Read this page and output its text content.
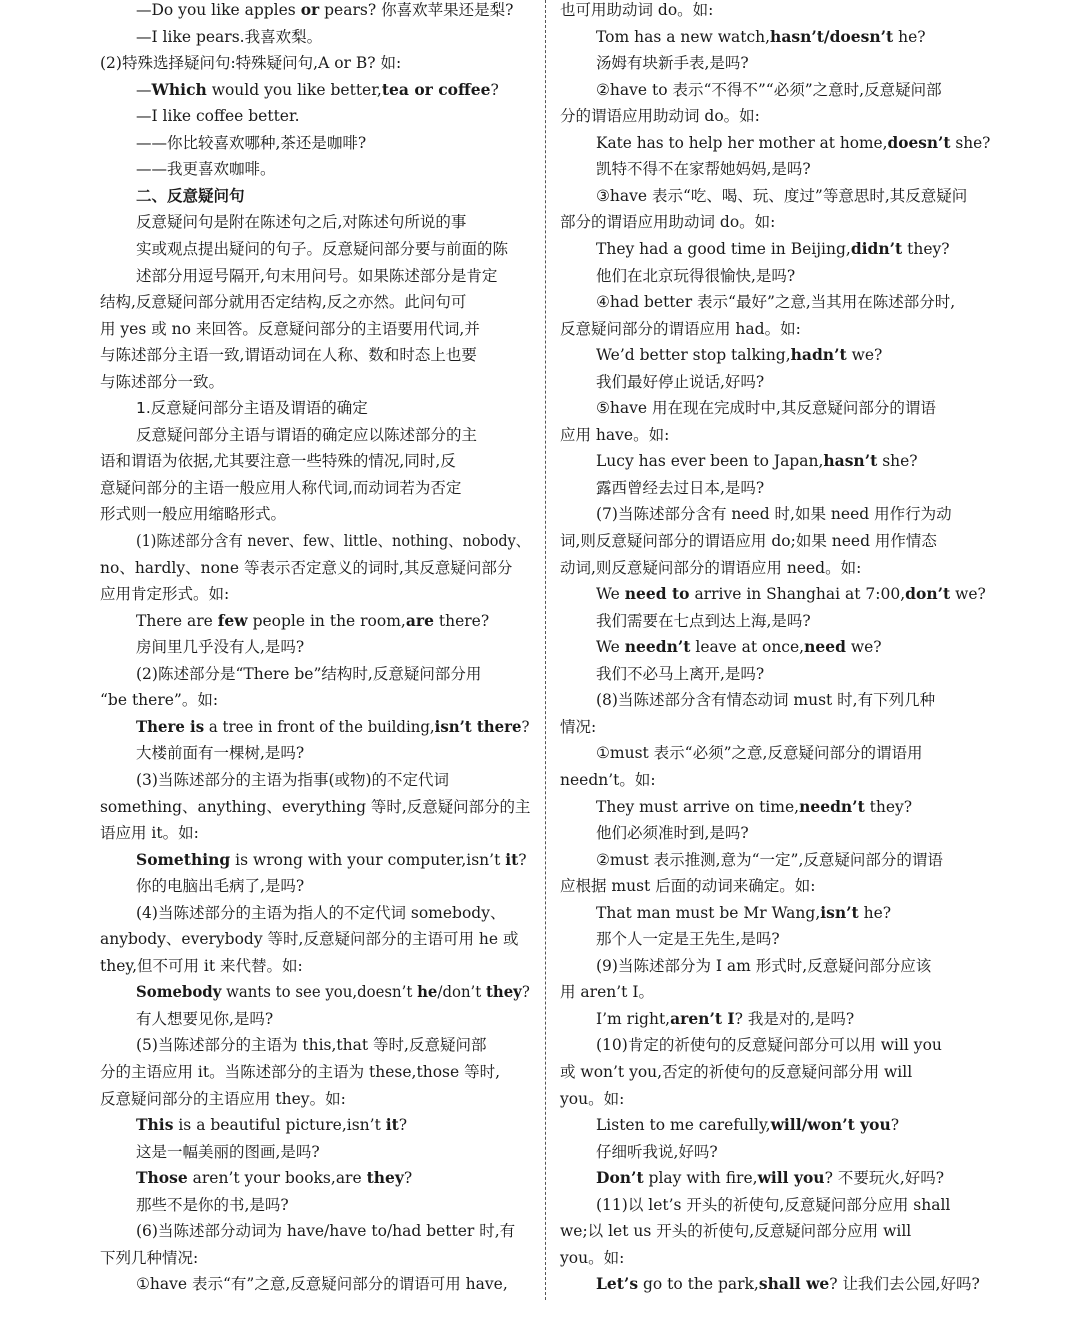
—Do you like apples or pears? 你喜欢苹果还是梨?
—I like pears.我喜欢梨。
(2)特殊选择疑问句:特殊疑问句,A or B? 如:
—Which would you like better,tea or coffee?
—I like coffee better.
——你比较喜欢哪种,茶还是咖啡?
——我更喜欢咖啡。
二、反意疑问句
反意疑问句是附在陈述句之后,对陈述句所说的事
实或观点提出疑问的句子。反意疑问部分要与前面的陈
述部分用逗号隔开,句末用问号。如果陈述部分是肯定
结构,反意疑问部分就用否定结构,反之亦然。此问句可
用 yes 或 no 来回答。反意疑问部分的主语要用代词,并
与陈述部分主语一致,谓语动词在人称、数和时态上也要
与陈述部分一致。
1.反意疑问部分主语及谓语的确定
反意疑问部分主语与谓语的确定应以陈述部分的主
语和谓语为依据,尤其要注意一些特殊的情况,同时,反
意疑问部分的主语一般应用人称代词,而动词若为否定
形式则一般应用缩略形式。
(1)陈述部分含有 never、few、little、nothing、nobody、
no、hardly、none 等表示否定意义的词时,其反意疑问部分
应用肯定形式。如:
There are few people in the room,are there?
房间里几乎没有人,是吗?
(2)陈述部分是“There be”结构时,反意疑问部分用
“be there”。如:
There is a tree in front of the building,isn’t there?
大楼前面有一棵树,是吗?
(3)当陈述部分的主语为指事(或物)的不定代词
something、anything、everything 等时,反意疑问部分的主
语应用 it。如:
Something is wrong with your computer,isn’t it?
你的电脑出毛病了,是吗?
(4)当陈述部分的主语为指人的不定代词 somebody、
anybody、everybody 等时,反意疑问部分的主语可用 he 或
they,但不可用 it 来代替。如:
Somebody wants to see you,doesn’t he/don’t they?
有人想要见你,是吗?
(5)当陈述部分的主语为 this,that 等时,反意疑问部
分的主语应用 it。当陈述部分的主语为 these,those 等时,
反意疑问部分的主语应用 they。如:
This is a beautiful picture,isn’t it?
这是一幅美丽的图画,是吗?
Those aren’t your books,are they?
那些不是你的书,是吗?
(6)当陈述部分动词为 have/have to/had better 时,有
下列几种情况:
①have 表示“有”之意,反意疑问部分的谓语可用 have,
也可用助动词 do。如:
Tom has a new watch,hasn’t/doesn’t he?
汤姆有块新手表,是吗?
②have to 表示“不得不”“必须”之意时,反意疑问部
分的谓语应用助动词 do。如:
Kate has to help her mother at home,doesn’t she?
凯特不得不在家帮她妈妈,是吗?
③have 表示“吃、喝、玩、度过”等意思时,其反意疑问
部分的谓语应用助动词 do。如:
They had a good time in Beijing,didn’t they?
他们在北京玩得很愉快,是吗?
④had better 表示“最好”之意,当其用在陈述部分时,
反意疑问部分的谓语应用 had。如:
We’d better stop talking,hadn’t we?
我们最好停止说话,好吗?
⑤have 用在现在完成时中,其反意疑问部分的谓语
应用 have。如:
Lucy has ever been to Japan,hasn’t she?
露西曾经去过日本,是吗?
(7)当陈述部分含有 need 时,如果 need 用作行为动
词,则反意疑问部分的谓语应用 do;如果 need 用作情态
动词,则反意疑问部分的谓语应用 need。如:
We need to arrive in Shanghai at 7:00,don’t we?
我们需要在七点到达上海,是吗?
We needn’t leave at once,need we?
我们不必马上离开,是吗?
(8)当陈述部分含有情态动词 must 时,有下列几种
情况:
①must 表示“必须”之意,反意疑问部分的谓语用
needn’t。如:
They must arrive on time,needn’t they?
他们必须准时到,是吗?
②must 表示推测,意为“一定”,反意疑问部分的谓语
应根据 must 后面的动词来确定。如:
That man must be Mr Wang,isn’t he?
那个人一定是王先生,是吗?
(9)当陈述部分为 I am 形式时,反意疑问部分应该
用 aren’t I。
I’m right,aren’t I? 我是对的,是吗?
(10)肯定的祈使句的反意疑问部分可以用 will you
或 won’t you,否定的祈使句的反意疑问部分用 will
you。如:
Listen to me carefully,will/won’t you?
仔细听我说,好吗?
Don’t play with fire,will you? 不要玩火,好吗?
(11)以 let’s 开头的祈使句,反意疑问部分应用 shall
we;以 let us 开头的祈使句,反意疑问部分应用 will
you。如:
Let’s go to the park,shall we? 让我们去公园,好吗?
